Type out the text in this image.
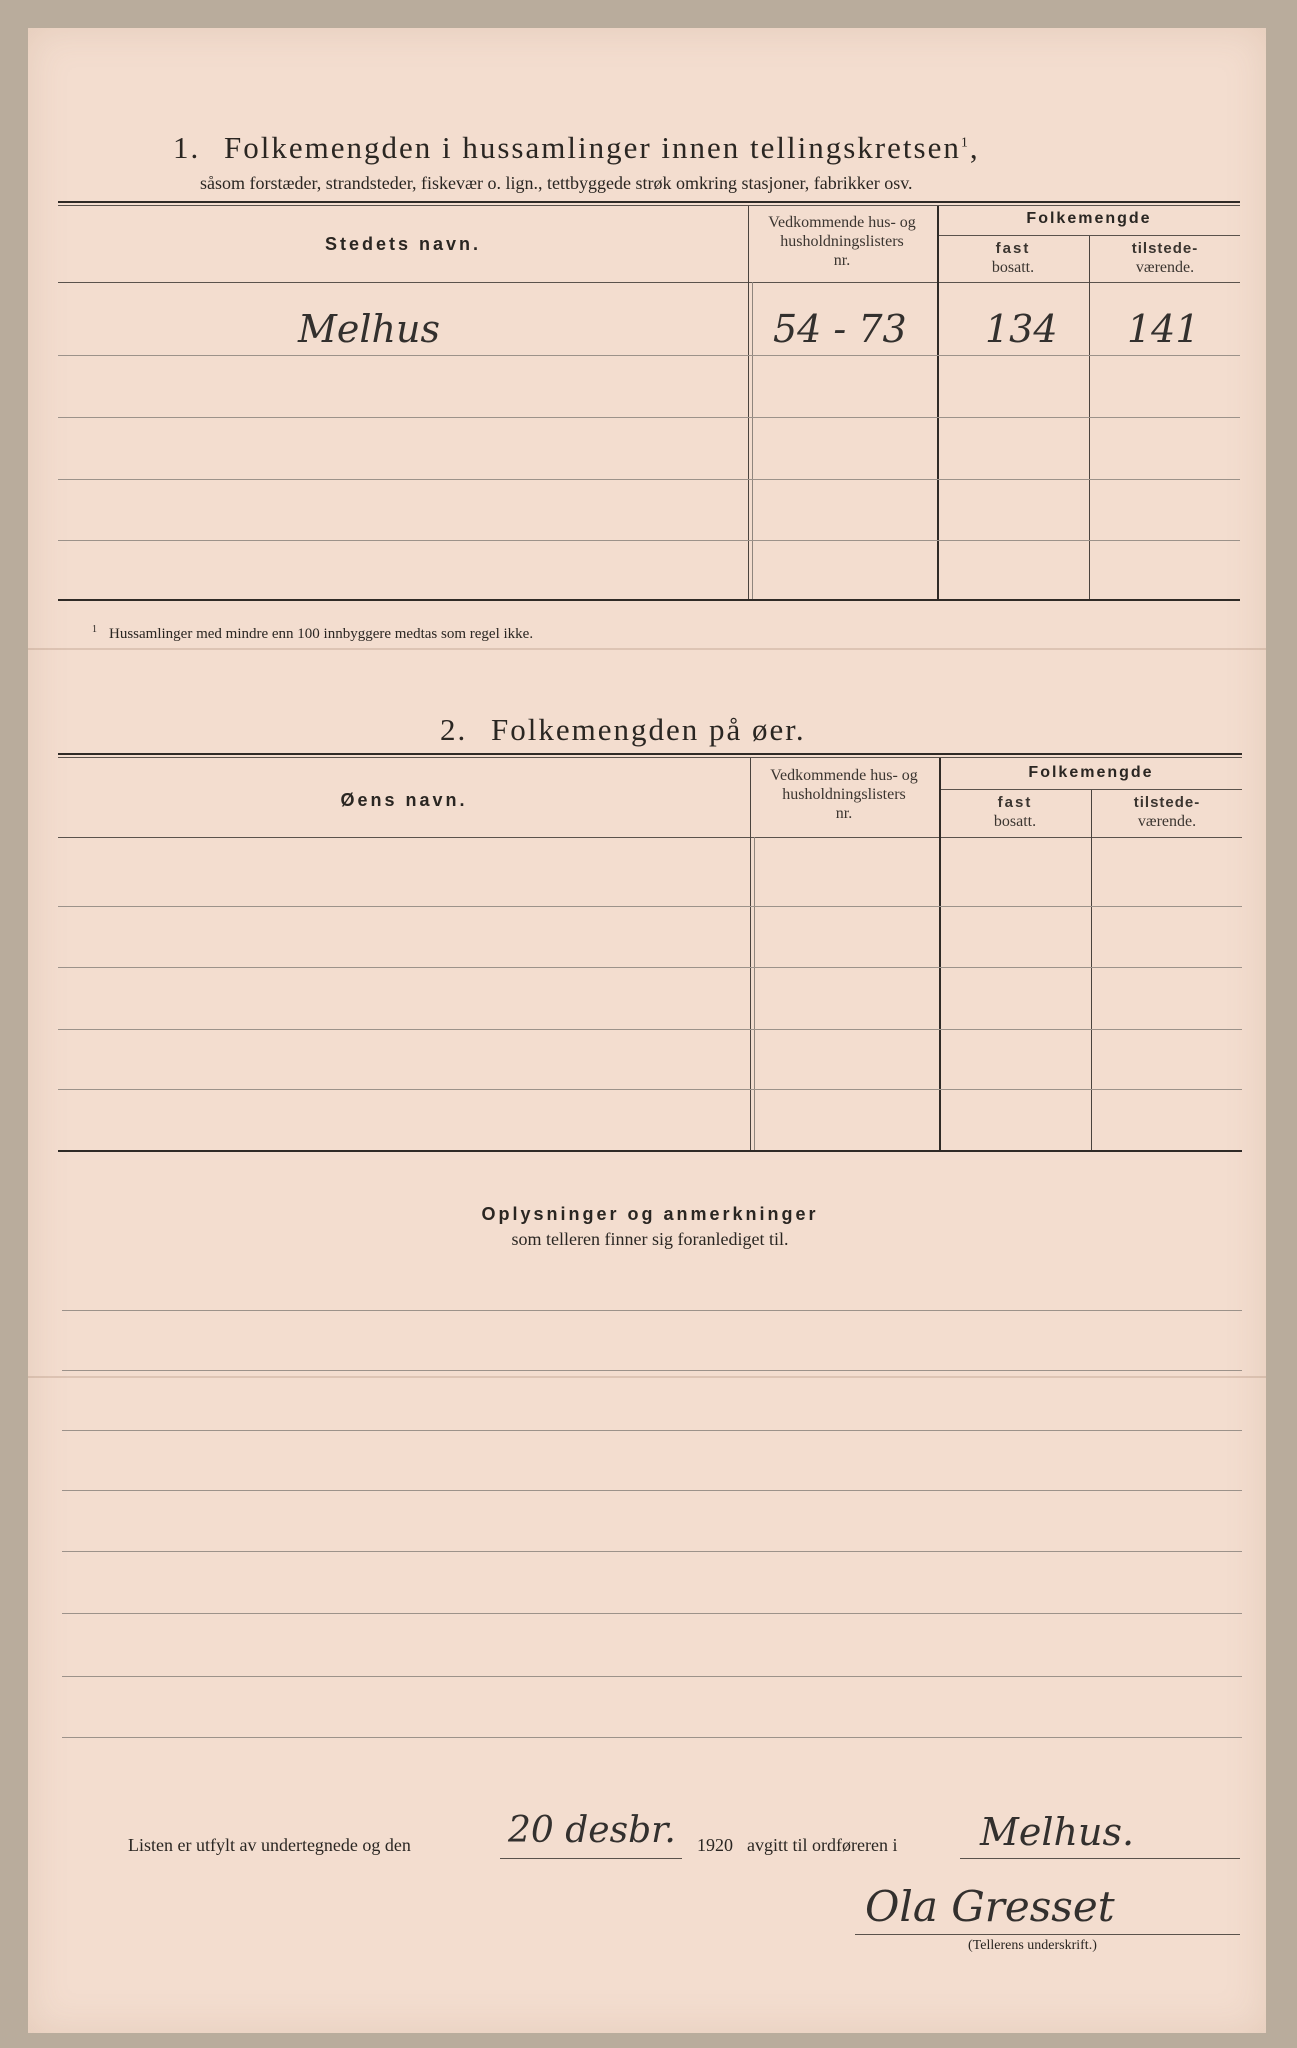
1. Folkemengden i hussamlinger innen tellingskretsen$^1$,
såsom forstæder, strandsteder, fiskevær o. lign., tettbyggede strøk omkring stasjoner, fabrikker osv.
Stedets navn.
Vedkommende hus- og
husholdningslisters
nr.
Folkemengde
fast
bosatt.
tilstede-
værende.
Melhus	54 - 73 134 141
$^1$ Hussamlinger med mindre enn 100 innbyggere medtas som regel ikke.
2. Folkemengden på øer.
Øens navn.
Vedkommende hus- og
husholdningslisters
nr.
Folkemengde
fast
bosatt.
tilstede-
værende.
Oplysninger og anmerkninger
som telleren finner sig foranlediget til.
Listen er utfylt av undertegnede og den	20 desbr. 1920 avgitt til ordføreren i Melhus.
Ola Gresset
(Tellerens underskrift.)
